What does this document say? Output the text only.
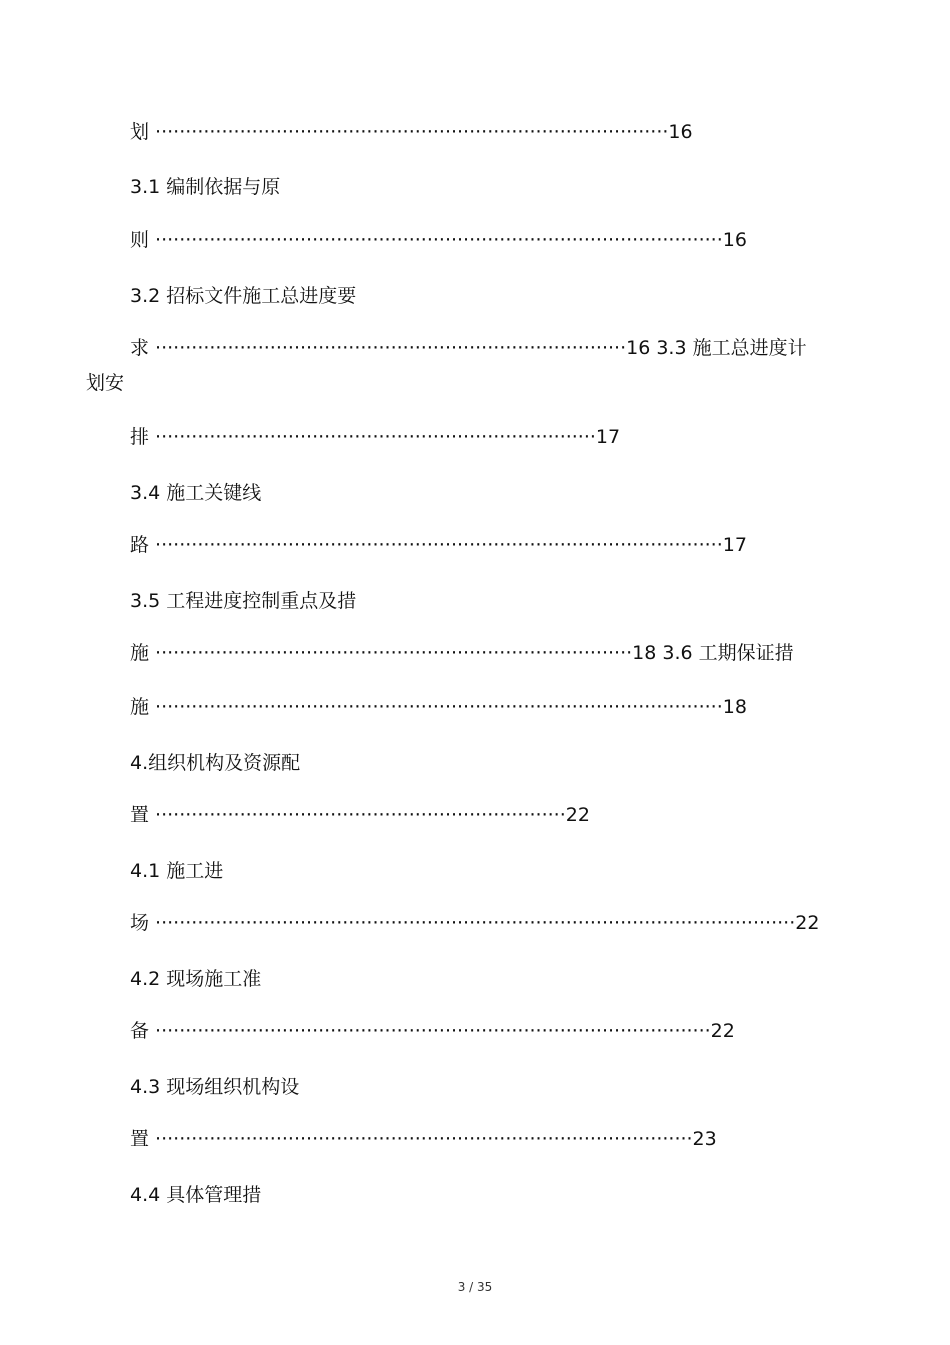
划 ·····················································································16
3.1 编制依据与原
则 ······························································································16
3.2 招标文件施工总进度要
求 ··············································································16 3.3 施工总进度计
划安
排 ·········································································17
3.4 施工关键线
路 ······························································································17
3.5 工程进度控制重点及措
施 ···············································································18 3.6 工期保证措
施 ······························································································18
4.组织机构及资源配
置 ····································································22
4.1 施工进
场 ··········································································································22
4.2 现场施工准
备 ····························································································22
4.3 现场组织机构设
置 ·························································································23
4.4 具体管理措
3 / 35
